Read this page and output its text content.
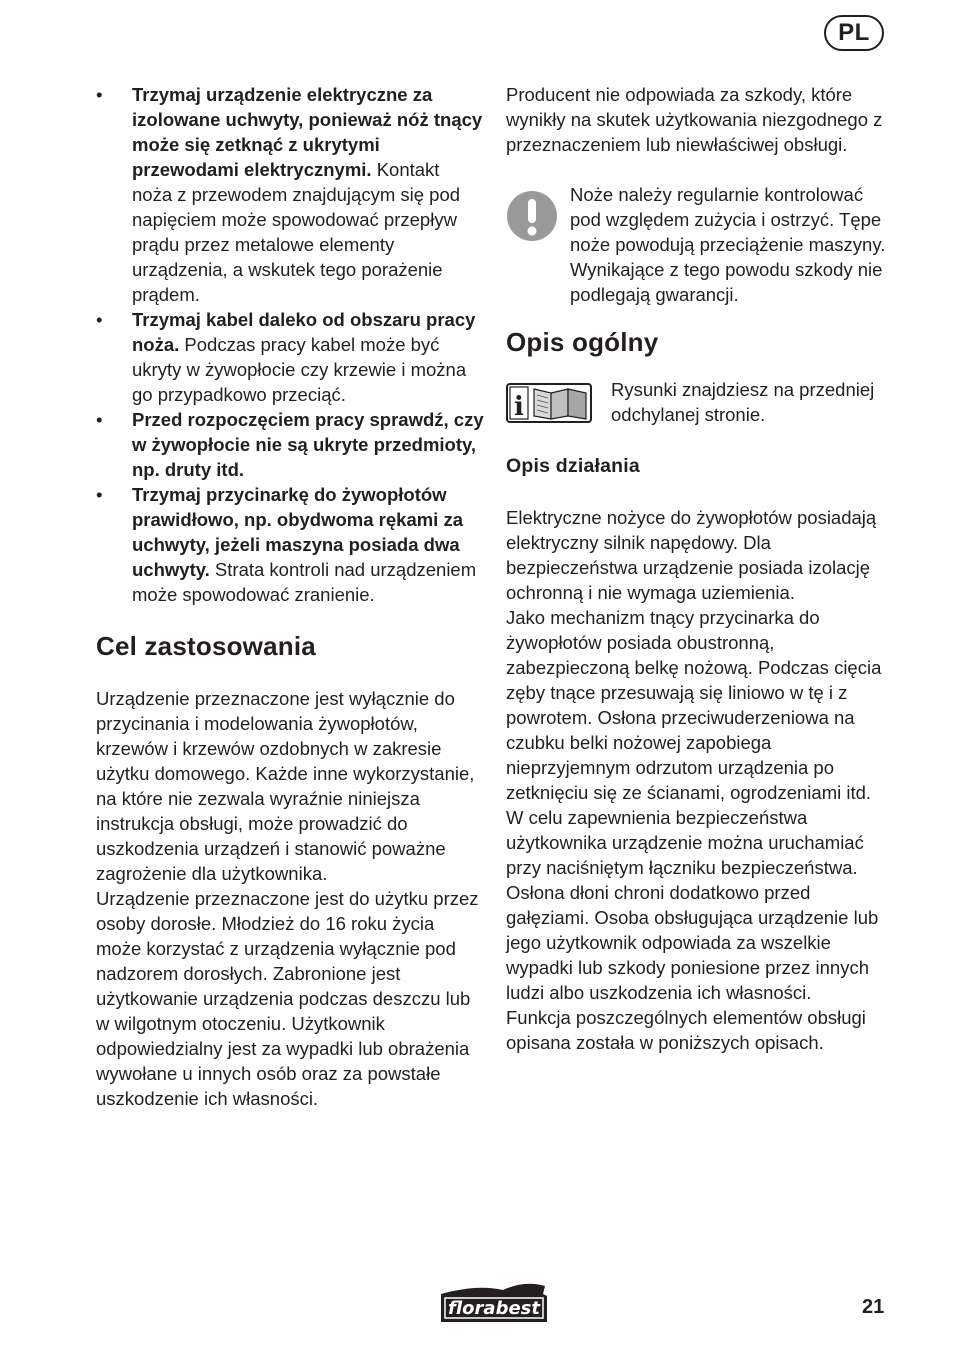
PL
• Trzymaj urządzenie elektryczne za izolowane uchwyty, ponieważ nóż tnący może się zetknąć z ukrytymi przewodami elektrycznymi. Kontakt noża z przewodem znajdującym się pod napięciem może spowodować przepływ prądu przez metalowe elementy urządzenia, a wskutek tego porażenie prądem.
• Trzymaj kabel daleko od obszaru pracy noża. Podczas pracy kabel może być ukryty w żywopłocie czy krzewie i można go przypadkowo przeciąć.
• Przed rozpoczęciem pracy sprawdź, czy w żywopłocie nie są ukryte przedmioty, np. druty itd.
• Trzymaj przycinarkę do żywopłotów prawidłowo, np. obydwoma rękami za uchwyty, jeżeli maszyna posiada dwa uchwyty. Strata kontroli nad urządzeniem może spowodować zranienie.
Cel zastosowania

Urządzenie przeznaczone jest wyłącznie do przycinania i modelowania żywopłotów, krzewów i krzewów ozdobnych w zakresie użytku domowego. Każde inne wykorzystanie, na które nie zezwala wyraźnie niniejsza instrukcja obsługi, może prowadzić do uszkodzenia urządzeń i stanowić poważne zagrożenie dla użytkownika.

Urządzenie przeznaczone jest do użytku przez osoby dorosłe. Młodzież do 16 roku życia może korzystać z urządzenia wyłącznie pod nadzorem dorosłych. Zabronione jest użytkowanie urządzenia podczas deszczu lub w wilgotnym otoczeniu. Użytkownik odpowiedzialny jest za wypadki lub obrażenia wywołane u innych osób oraz za powstałe uszkodzenie ich własności.

Producent nie odpowiada za szkody, które wynikły na skutek użytkowania niezgodnego z przeznaczeniem lub niewłaściwej obsługi.

Noże należy regularnie kontrolować pod względem zużycia i ostrzyć. Tępe noże powodują przeciążenie maszyny. Wynikające z tego powodu szkody nie podlegają gwarancji.

Opis ogólny
i

Rysunki znajdziesz na przedniej odchylanej stronie.

Opis działania

Elektryczne nożyce do żywopłotów posiadają elektryczny silnik napędowy. Dla bezpieczeństwa urządzenie posiada izolację ochronną i nie wymaga uziemienia.

Jako mechanizm tnący przycinarka do żywopłotów posiada obustronną, zabezpieczoną belkę nożową. Podczas cięcia zęby tnące przesuwają się liniowo w tę i z powrotem. Osłona przeciwuderzeniowa na czubku belki nożowej zapobiega nieprzyjemnym odrzutom urządzenia po zetknięciu się ze ścianami, ogrodzeniami itd.

W celu zapewnienia bezpieczeństwa użytkownika urządzenie można uruchamiać przy naciśniętym łączniku bezpieczeństwa. Osłona dłoni chroni dodatkowo przed gałęziami. Osoba obsługująca urządzenie lub jego użytkownik odpowiada za wszelkie wypadki lub szkody poniesione przez innych ludzi albo uszkodzenia ich własności.

Funkcja poszczególnych elementów obsługi opisana została w poniższych opisach.

florabest	21
